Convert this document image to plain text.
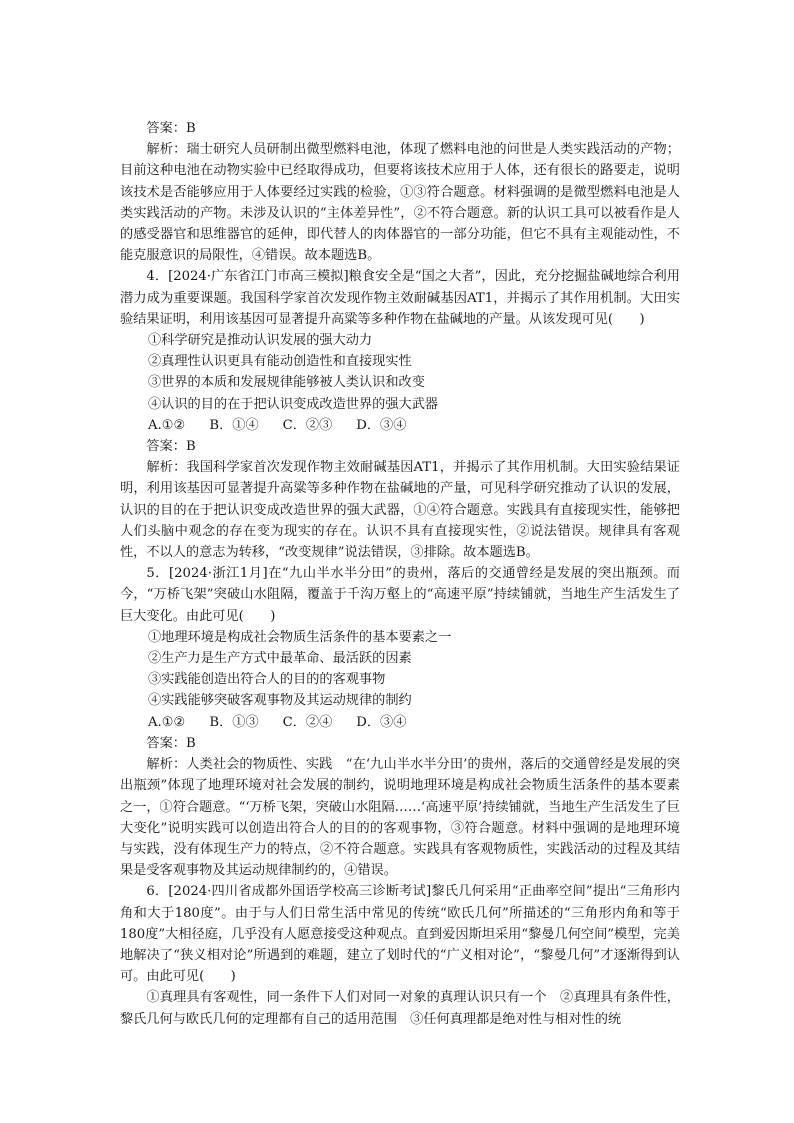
答案：B

解析：瑞士研究人员研制出微型燃料电池，体现了燃料电池的问世是人类实践活动的产物；目前这种电池在动物实验中已经取得成功，但要将该技术应用于人体，还有很长的路要走，说明该技术是否能够应用于人体要经过实践的检验，①③符合题意。材料强调的是微型燃料电池是人类实践活动的产物。未涉及认识的“主体差异性”，②不符合题意。新的认识工具可以被看作是人的感受器官和思维器官的延伸，即代替人的肉体器官的一部分功能，但它不具有主观能动性，不能克服意识的局限性，④错误。故本题选B。

4．[2024·广东省江门市高三模拟]粮食安全是“国之大者”，因此，充分挖掘盐碱地综合利用潜力成为重要课题。我国科学家首次发现作物主效耐碱基因AT1，并揭示了其作用机制。大田实验结果证明，利用该基因可显著提升高粱等多种作物在盐碱地的产量。从该发现可见(　　)

①科学研究是推动认识发展的强大动力

②真理性认识更具有能动创造性和直接现实性

③世界的本质和发展规律能够被人类认识和改变

④认识的目的在于把认识变成改造世界的强大武器

A.①② B．①④ C．②③ D．③④

答案：B

解析：我国科学家首次发现作物主效耐碱基因AT1，并揭示了其作用机制。大田实验结果证明，利用该基因可显著提升高粱等多种作物在盐碱地的产量，可见科学研究推动了认识的发展，认识的目的在于把认识变成改造世界的强大武器，①④符合题意。实践具有直接现实性，能够把人们头脑中观念的存在变为现实的存在。认识不具有直接现实性，②说法错误。规律具有客观性，不以人的意志为转移，“改变规律”说法错误，③排除。故本题选B。

5．[2024·浙江1月]在“九山半水半分田”的贵州，落后的交通曾经是发展的突出瓶颈。而今，“万桥飞架”突破山水阻隔，覆盖于千沟万壑上的“高速平原”持续铺就，当地生产生活发生了巨大变化。由此可见(　　)

①地理环境是构成社会物质生活条件的基本要素之一

②生产力是生产方式中最革命、最活跃的因素

③实践能创造出符合人的目的的客观事物

④实践能够突破客观事物及其运动规律的制约

A.①② B．①③ C．②④ D．③④

答案：B

解析：人类社会的物质性、实践　“在‘九山半水半分田’的贵州，落后的交通曾经是发展的突出瓶颈”体现了地理环境对社会发展的制约，说明地理环境是构成社会物质生活条件的基本要素之一，①符合题意。“‘万桥飞架，突破山水阻隔……‘高速平原’持续铺就，当地生产生活发生了巨大变化”说明实践可以创造出符合人的目的的客观事物，③符合题意。材料中强调的是地理环境与实践，没有体现生产力的特点，②不符合题意。实践具有客观物质性，实践活动的过程及其结果是受客观事物及其运动规律制约的，④错误。

6．[2024·四川省成都外国语学校高三诊断考试]黎氏几何采用“正曲率空间”提出“三角形内角和大于180度”。由于与人们日常生活中常见的传统“欧氏几何”所描述的“三角形内角和等于180度”大相径庭，几乎没有人愿意接受这种观点。直到爱因斯坦采用“黎曼几何空间”模型，完美地解决了“狭义相对论”所遇到的难题，建立了划时代的“广义相对论”，“黎曼几何”才逐渐得到认可。由此可见(　　)

①真理具有客观性，同一条件下人们对同一对象的真理认识只有一个　②真理具有条件性，黎氏几何与欧氏几何的定理都有自己的适用范围　③任何真理都是绝对性与相对性的统
